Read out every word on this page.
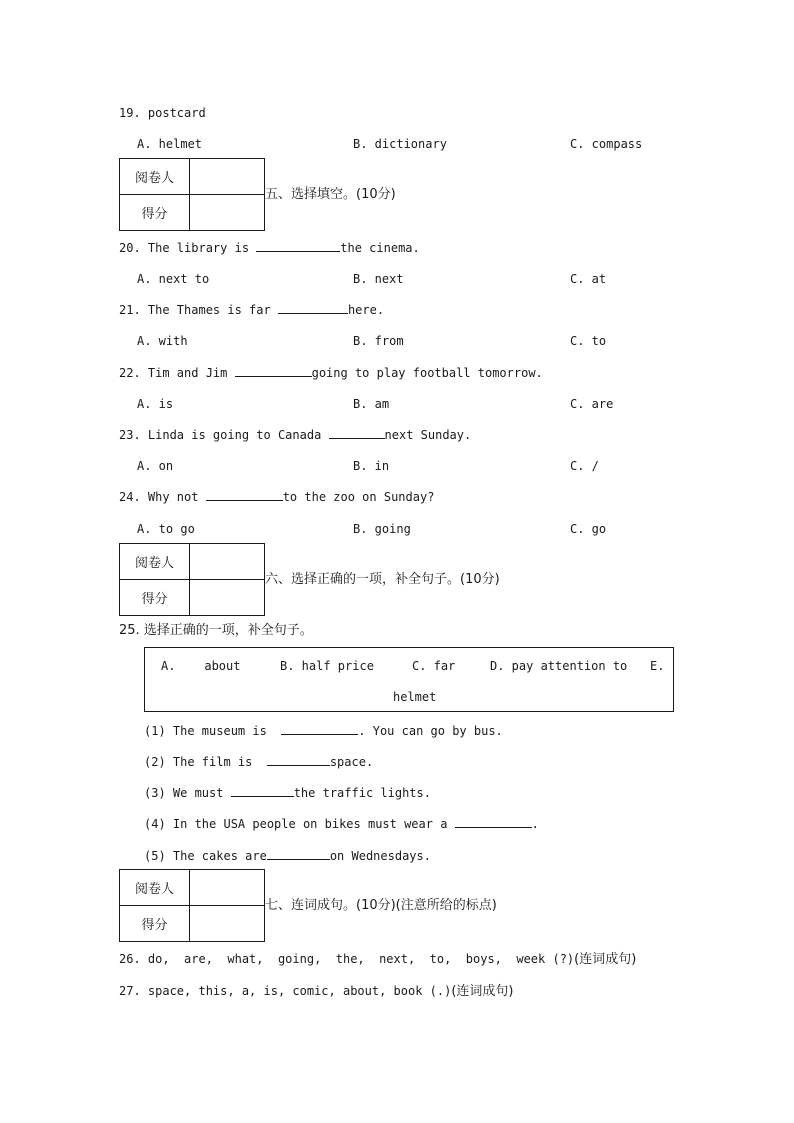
19. postcard
A. helmet	B. dictionary	C. compass
阅卷人	
得分	
五、选择填空。(10分)
20. The library is	the cinema.
A. next to	B. next	C. at
21. The Thames is far	here.
A. with	B. from	C. to
22. Tim and Jim	going to play football tomorrow.
A. is	B. am	C. are
23. Linda is going to Canada	next Sunday.
A. on	B. in	C. /
24. Why not	to the zoo on Sunday?
A. to go	B. going	C. go
阅卷人	
得分	
六、选择正确的一项，补全句子。(10分)
25. 选择正确的一项，补全句子。
A.    about	B. half price	C. far	D. pay attention to E.
helmet
(1) The museum is	. You can go by bus.
(2) The film is	space.
(3) We must	the traffic lights.
(4) In the USA people on bikes must wear a	.
(5) The cakes are	on Wednesdays.
阅卷人	
得分	
七、连词成句。(10分)(注意所给的标点)
26. do,  are,  what,  going,  the,  next,  to,  boys,  week (?)(连词成句)
27. space, this, a, is, comic, about, book (.)(连词成句)
